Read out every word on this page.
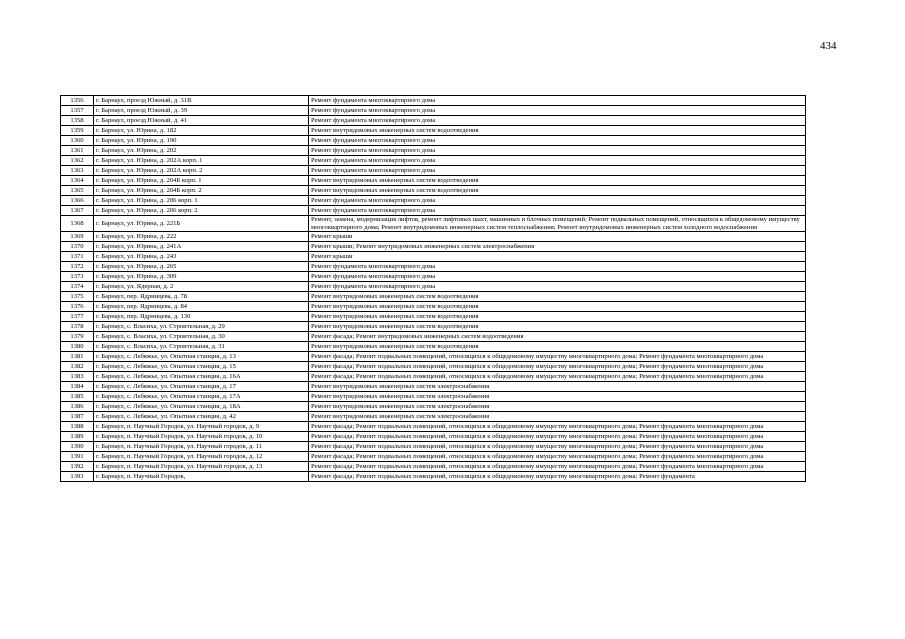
434
1356	г. Барнаул, проезд Южный, д. 31В	Ремонт фундамента многоквартирного дома
1357	г. Барнаул, проезд Южный, д. 39	Ремонт фундамента многоквартирного дома
1358	г. Барнаул, проезд Южный, д. 41	Ремонт фундамента многоквартирного дома
1359	г. Барнаул, ул. Юрина, д. 182	Ремонт внутридомовых инженерных систем водоотведения
1360	г. Барнаул, ул. Юрина, д. 190	Ремонт фундамента многоквартирного дома
1361	г. Барнаул, ул. Юрина, д. 202	Ремонт фундамента многоквартирного дома
1362	г. Барнаул, ул. Юрина, д. 202А корп. 1	Ремонт фундамента многоквартирного дома
1363	г. Барнаул, ул. Юрина, д. 202А корп. 2	Ремонт фундамента многоквартирного дома
1364	г. Барнаул, ул. Юрина, д. 204Б корп. 1	Ремонт внутридомовых инженерных систем водоотведения
1365	г. Барнаул, ул. Юрина, д. 204Б корп. 2	Ремонт внутридомовых инженерных систем водоотведения
1366	г. Барнаул, ул. Юрина, д. 206 корп. 1	Ремонт фундамента многоквартирного дома
1367	г. Барнаул, ул. Юрина, д. 206 корп. 2	Ремонт фундамента многоквартирного дома
1368	г. Барнаул, ул. Юрина, д. 221Б	Ремонт, замена, модернизация лифтов, ремонт лифтовых шахт, машинных и блочных помещений; Ремонт подвальных помещений, относящихся к общедомовому имуществу многоквартирного дома; Ремонт внутридомовых инженерных систем теплоснабжения; Ремонт внутридомовых инженерных систем холодного водоснабжения
1369	г. Барнаул, ул. Юрина, д. 222	Ремонт крыши
1370	г. Барнаул, ул. Юрина, д. 241А	Ремонт крыши; Ремонт внутридомовых инженерных систем электроснабжения
1371	г. Барнаул, ул. Юрина, д. 243	Ремонт крыши
1372	г. Барнаул, ул. Юрина, д. 265	Ремонт фундамента многоквартирного дома
1373	г. Барнаул, ул. Юрина, д. 309	Ремонт фундамента многоквартирного дома
1374	г. Барнаул, ул. Ядерная, д. 2	Ремонт фундамента многоквартирного дома
1375	г. Барнаул, пер. Ядринцева, д. 78	Ремонт внутридомовых инженерных систем водоотведения
1376	г. Барнаул, пер. Ядринцева, д. 84	Ремонт внутридомовых инженерных систем водоотведения
1377	г. Барнаул, пер. Ядринцева, д. 130	Ремонт внутридомовых инженерных систем водоотведения
1378	г. Барнаул, с. Власиха, ул. Строительная, д. 29	Ремонт внутридомовых инженерных систем водоотведения
1379	г. Барнаул, с. Власиха, ул. Строительная, д. 30	Ремонт фасада; Ремонт внутридомовых инженерных систем водоотведения
1380	г. Барнаул, с. Власиха, ул. Строительная, д. 31	Ремонт внутридомовых инженерных систем водоотведения
1381	г. Барнаул, с. Лебяжье, ул. Опытная станция, д. 13	Ремонт фасада; Ремонт подвальных помещений, относящихся к общедомовому имуществу многоквартирного дома; Ремонт фундамента многоквартирного дома
1382	г. Барнаул, с. Лебяжье, ул. Опытная станция, д. 15	Ремонт фасада; Ремонт подвальных помещений, относящихся к общедомовому имуществу многоквартирного дома; Ремонт фундамента многоквартирного дома
1383	г. Барнаул, с. Лебяжье, ул. Опытная станция, д. 16А	Ремонт фасада; Ремонт подвальных помещений, относящихся к общедомовому имуществу многоквартирного дома; Ремонт фундамента многоквартирного дома
1384	г. Барнаул, с. Лебяжье, ул. Опытная станция, д. 17	Ремонт внутридомовых инженерных систем электроснабжения
1385	г. Барнаул, с. Лебяжье, ул. Опытная станция, д. 17А	Ремонт внутридомовых инженерных систем электроснабжения
1386	г. Барнаул, с. Лебяжье, ул. Опытная станция, д. 18А	Ремонт внутридомовых инженерных систем электроснабжения
1387	г. Барнаул, с. Лебяжье, ул. Опытная станция, д. 42	Ремонт внутридомовых инженерных систем электроснабжения
1388	г. Барнаул, п. Научный Городок, ул. Научный городок, д. 9	Ремонт фасада; Ремонт подвальных помещений, относящихся к общедомовому имуществу многоквартирного дома; Ремонт фундамента многоквартирного дома
1389	г. Барнаул, п. Научный Городок, ул. Научный городок, д. 10	Ремонт фасада; Ремонт подвальных помещений, относящихся к общедомовому имуществу многоквартирного дома; Ремонт фундамента многоквартирного дома
1390	г. Барнаул, п. Научный Городок, ул. Научный городок, д. 11	Ремонт фасада; Ремонт подвальных помещений, относящихся к общедомовому имуществу многоквартирного дома; Ремонт фундамента многоквартирного дома
1391	г. Барнаул, п. Научный Городок, ул. Научный городок, д. 12	Ремонт фасада; Ремонт подвальных помещений, относящихся к общедомовому имуществу многоквартирного дома; Ремонт фундамента многоквартирного дома
1392	г. Барнаул, п. Научный Городок, ул. Научный городок, д. 13	Ремонт фасада; Ремонт подвальных помещений, относящихся к общедомовому имуществу многоквартирного дома; Ремонт фундамента многоквартирного дома
1393	г. Барнаул, п. Научный Городок,	Ремонт фасада; Ремонт подвальных помещений, относящихся к общедомовому имуществу многоквартирного дома; Ремонт фундамента
